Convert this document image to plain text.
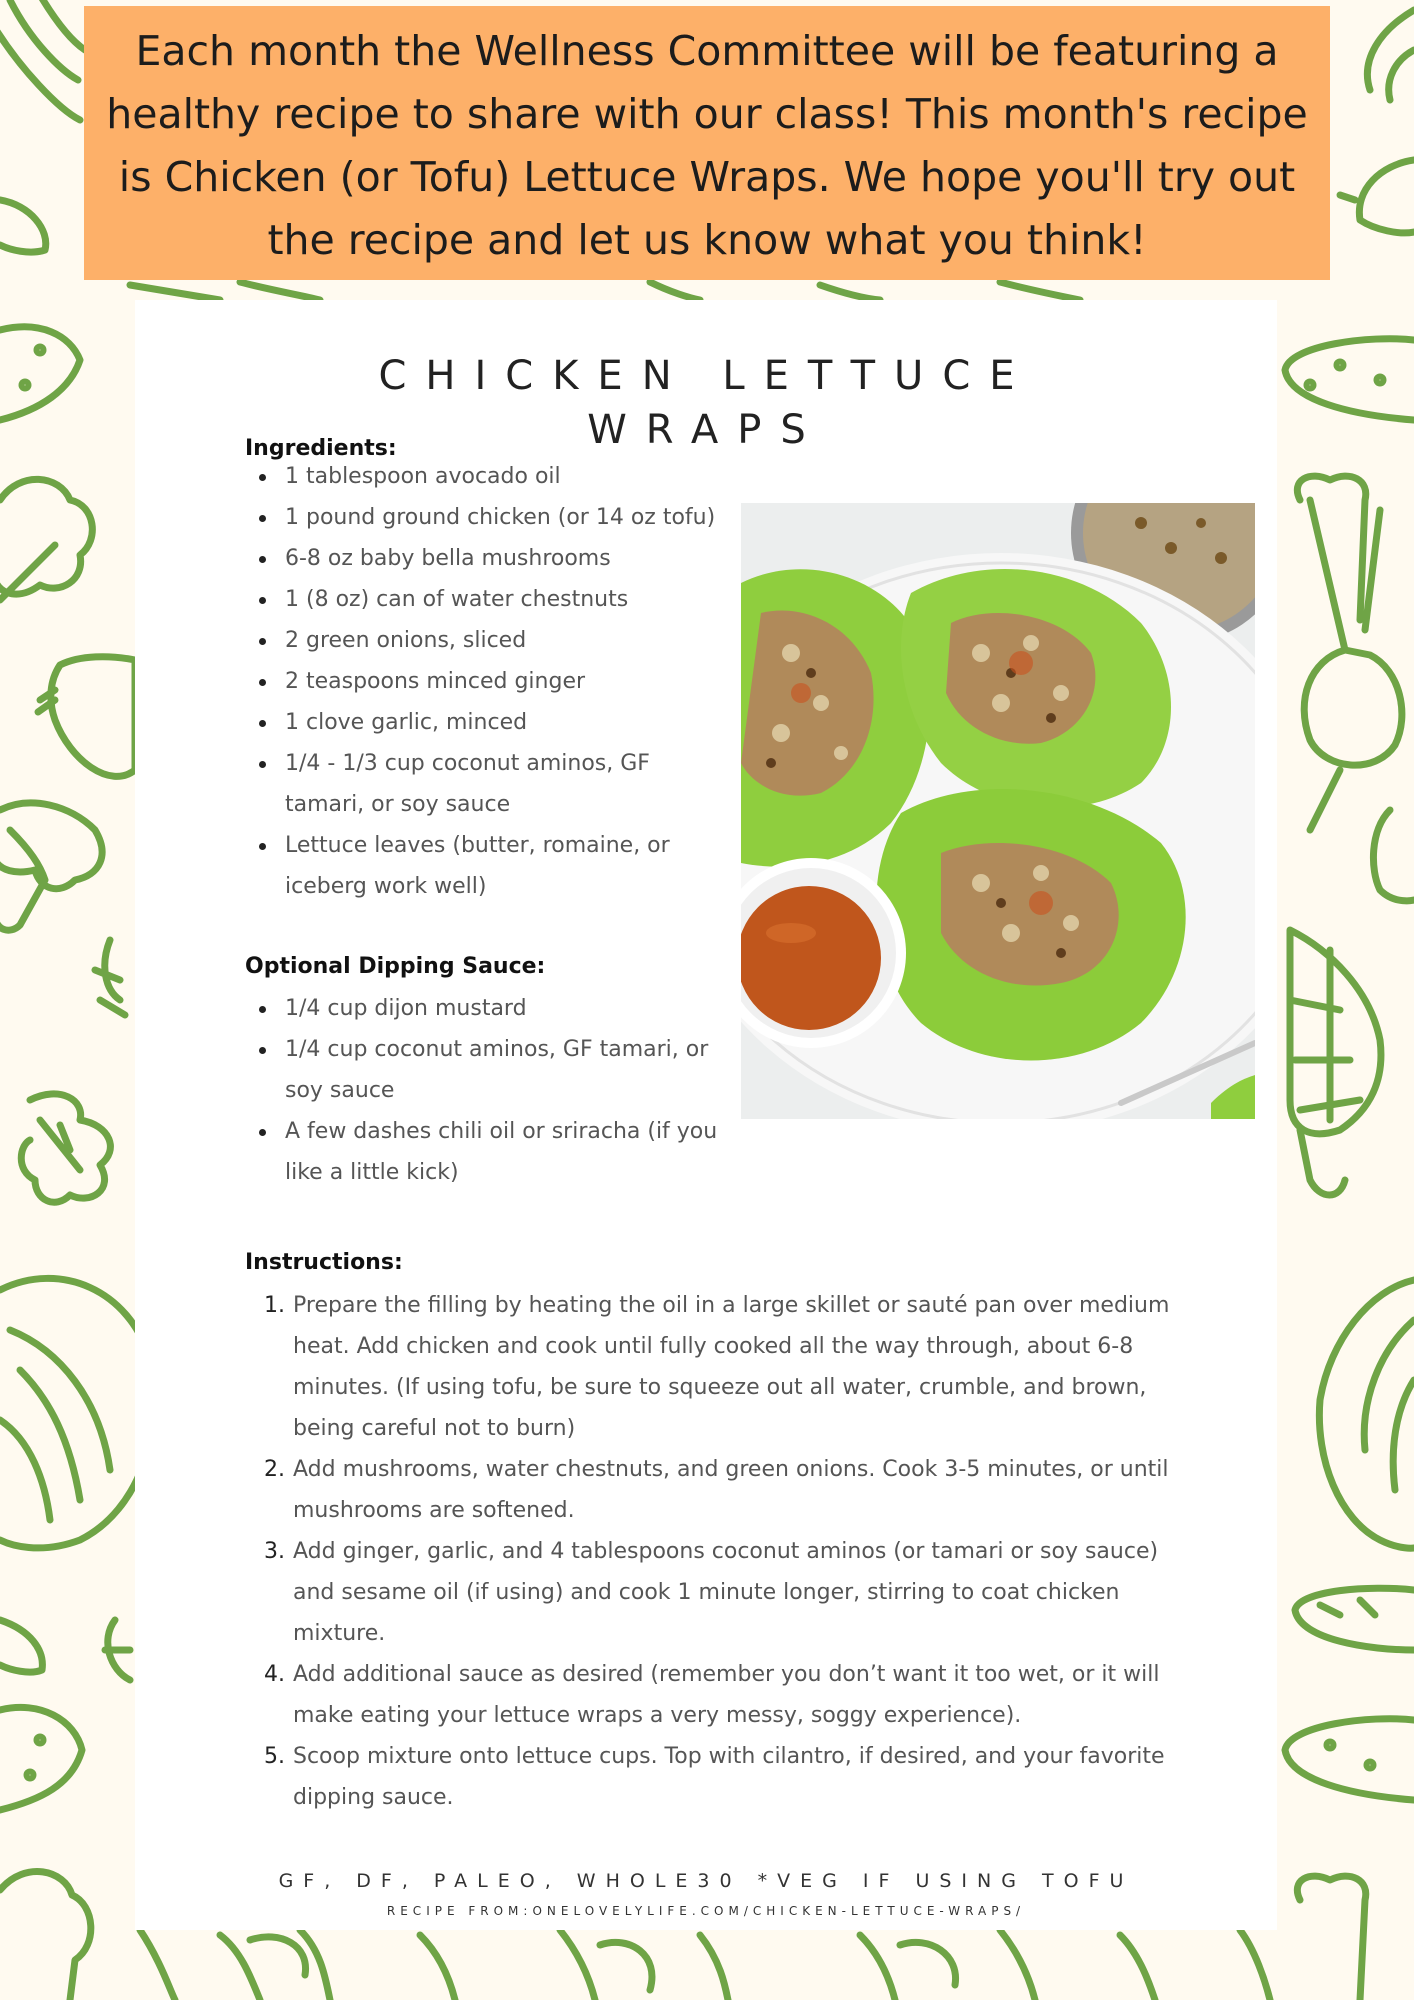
Each month the Wellness Committee will be featuring a healthy recipe to share with our class! This month's recipe is Chicken (or Tofu) Lettuce Wraps. We hope you'll try out the recipe and let us know what you think!
CHICKEN LETTUCE
WRAPS
Ingredients:
1 tablespoon avocado oil
1 pound ground chicken (or 14 oz tofu)
6-8 oz baby bella mushrooms
1 (8 oz) can of water chestnuts
2 green onions, sliced
2 teaspoons minced ginger
1 clove garlic, minced
1/4 - 1/3 cup coconut aminos, GF tamari, or soy sauce
Lettuce leaves (butter, romaine, or iceberg work well)
Optional Dipping Sauce:
1/4 cup dijon mustard
1/4 cup coconut aminos, GF tamari, or soy sauce
A few dashes chili oil or sriracha (if you like a little kick)
Instructions:
1. Prepare the filling by heating the oil in a large skillet or sauté pan over medium heat. Add chicken and cook until fully cooked all the way through, about 6-8 minutes. (If using tofu, be sure to squeeze out all water, crumble, and brown, being careful not to burn)
2. Add mushrooms, water chestnuts, and green onions. Cook 3-5 minutes, or until mushrooms are softened.
3. Add ginger, garlic, and 4 tablespoons coconut aminos (or tamari or soy sauce) and sesame oil (if using) and cook 1 minute longer, stirring to coat chicken mixture.
4. Add additional sauce as desired (remember you don’t want it too wet, or it will make eating your lettuce wraps a very messy, soggy experience).
5. Scoop mixture onto lettuce cups. Top with cilantro, if desired, and your favorite dipping sauce.
GF, DF, PALEO, WHOLE30 *VEG IF USING TOFU
RECIPE FROM:ONELOVELYLIFE.COM/CHICKEN-LETTUCE-WRAPS/
